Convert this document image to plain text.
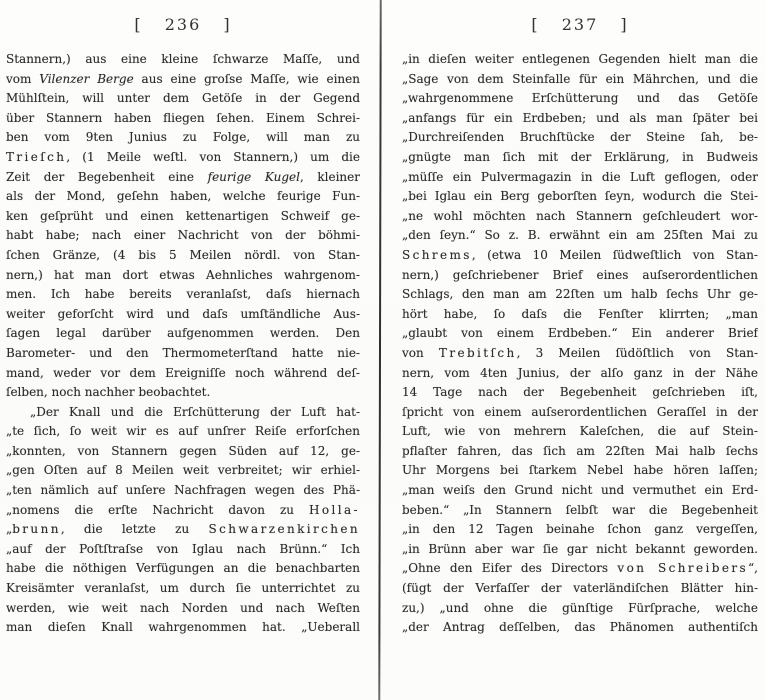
[ 236 ]
Stannern,) aus eine kleine ſchwarze Maſſe, und
vom Vilenzer Berge aus eine groſse Maſſe, wie einen
Mühlſtein, will unter dem Getöſe in der Gegend
über Stannern haben fliegen ſehen. Einem Schrei-
ben vom 9ten Junius zu Folge, will man zu
Trieſch, (1 Meile weſtl. von Stannern,) um die
Zeit der Begebenheit eine feurige Kugel, kleiner
als der Mond, geſehn haben, welche feurige Fun-
ken geſprüht und einen kettenartigen Schweif ge-
habt habe; nach einer Nachricht von der böhmi-
ſchen Gränze, (4 bis 5 Meilen nördl. von Stan-
nern,) hat man dort etwas Aehnliches wahrgenom-
men. Ich habe bereits veranlaſst, daſs hiernach
weiter geforſcht wird und daſs umſtändliche Aus-
ſagen legal darüber aufgenommen werden. Den
Barometer- und den Thermometerſtand hatte nie-
mand, weder vor dem Ereigniſſe noch während deſ-
ſelben, noch nachher beobachtet.
„Der Knall und die Erſchütterung der Luft hat-
„te ſich, ſo weit wir es auf unſrer Reiſe erforſchen
„konnten, von Stannern gegen Süden auf 12, ge-
„gen Oſten auf 8 Meilen weit verbreitet; wir erhiel-
„ten nämlich auf unſere Nachfragen wegen des Phä-
„nomens die erſte Nachricht davon zu Holla-
„brunn, die letzte zu Schwarzenkirchen
„auf der Poſtſtraſse von Iglau nach Brünn.“ Ich
habe die nöthigen Verfügungen an die benachbarten
Kreisämter veranlaſst, um durch ſie unterrichtet zu
werden, wie weit nach Norden und nach Weſten
man dieſen Knall wahrgenommen hat. „Ueberall
[ 237 ]
„in dieſen weiter entlegenen Gegenden hielt man die
„Sage von dem Steinfalle für ein Mährchen, und die
„wahrgenommene Erſchütterung und das Getöſe
„anfangs für ein Erdbeben; und als man ſpäter bei
„Durchreiſenden Bruchſtücke der Steine ſah, be-
„gnügte man ſich mit der Erklärung, in Budweis
„müſſe ein Pulvermagazin in die Luft geflogen, oder
„bei Iglau ein Berg geborſten ſeyn, wodurch die Stei-
„ne wohl möchten nach Stannern geſchleudert wor-
„den ſeyn.“ So z. B. erwähnt ein am 25ſten Mai zu
Schrems, (etwa 10 Meilen ſüdweſtlich von Stan-
nern,) geſchriebener Brief eines auſserordentlichen
Schlags, den man am 22ſten um halb ſechs Uhr ge-
hört habe, ſo daſs die Fenſter klirrten; „man
„glaubt von einem Erdbeben.“ Ein anderer Brief
von Trebitſch, 3 Meilen ſüdöſtlich von Stan-
nern, vom 4ten Junius, der alſo ganz in der Nähe
14 Tage nach der Begebenheit geſchrieben iſt,
ſpricht von einem auſserordentlichen Geraſſel in der
Luft, wie von mehrern Kaleſchen, die auf Stein-
pflaſter fahren, das ſich am 22ſten Mai halb ſechs
Uhr Morgens bei ſtarkem Nebel habe hören laſſen;
„man weiſs den Grund nicht und vermuthet ein Erd-
beben.“ „In Stannern ſelbſt war die Begebenheit
„in den 12 Tagen beinahe ſchon ganz vergeſſen,
„in Brünn aber war ſie gar nicht bekannt geworden.
„Ohne den Eifer des Directors von Schreibers“,
(fügt der Verfaſſer der vaterländiſchen Blätter hin-
zu,) „und ohne die günſtige Fürſprache, welche
„der Antrag deſſelben, das Phänomen authentiſch
